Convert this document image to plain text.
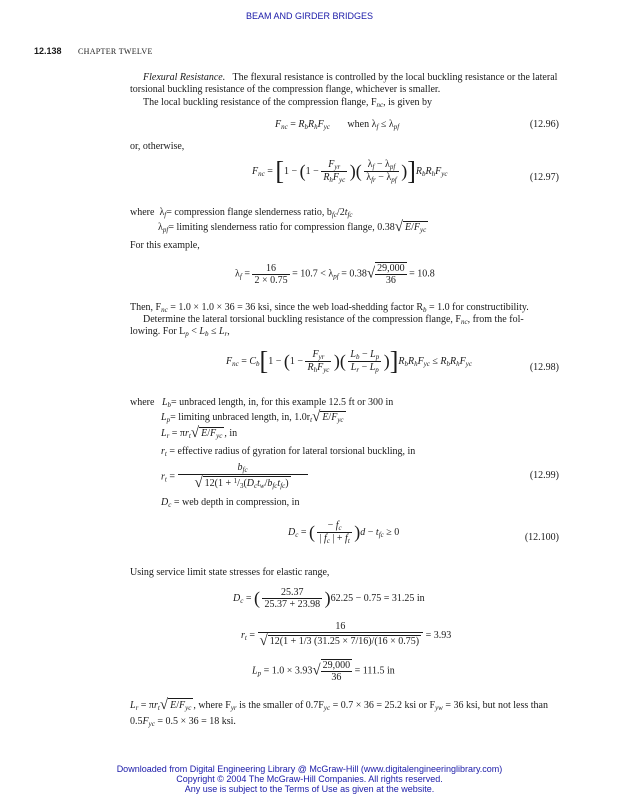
BEAM AND GIRDER BRIDGES
12.138 CHAPTER TWELVE
Flexural Resistance. The flexural resistance is controlled by the local buckling resistance or the lateral torsional buckling resistance of the compression flange, whichever is smaller.
The local buckling resistance of the compression flange, $F_{nc}$, is given by
$F_{nc} = R_bR_hF_{yc}$ when $\lambda_f \le \lambda_{pf}$	(12.96)
or, otherwise,
$F_{nc} = [1 - (1 - \frac{F_{yr}}{R_hF_{yc}}$ )( $\frac{\lambda_f - \lambda_{pf}}{\lambda_{fr} - \lambda_{pf}} )]R_bR_hF_{yc}$	(12.97)
where  $\lambda_f=$ compression flange slenderness ratio, $b_{fc}/2t_{fc}$
$\lambda_{pf}=$ limiting slenderness ratio for compression flange, 0.38√ $E/F_{yc}$
For this example,
$\lambda_f = \frac{16}{2 \times 0.75} = 10.7 < \lambda_{pf} = 0.38√ \frac{29,000}{36} = 10.8$
Then, $F_{nc} = 1.0 \times 1.0 \times 36 = 36$ ksi, since the web load-shedding factor $R_b = 1.0$ for constructibility.
Determine the lateral torsional buckling resistance of the compression flange, $F_{nc}$, from the fol-
lowing. For $L_p < L_b \le L_r$,
$F_{nc} = C_b[1 - (1 - \frac{F_{yr}}{R_hF_{yc}}$ )( $\frac{L_b - L_p}{L_r - L_p} )]R_bR_hF_{yc} \le R_bR_hF_{yc}$	(12.98)
where $L_b=$ unbraced length, in, for this example 12.5 ft or 300 in
$L_p=$ limiting unbraced length, in, $1.0r_t√$ $E/F_{yc}$
$L_r = \pi r_t√$ $E/F_{yc}$ , in
$r_t$ = effective radius of gyration for lateral torsional buckling, in
$r_t = \frac{b_{fc}}{√ 12(1 + ^1/_3(D_ct_w/b_{fc}t_{fc})}$	(12.99)
$D_c$ = web depth in compression, in
$D_c$ = ( $\frac{- f_c}{| f_c | + f_t} )d - t_{fc} \ge 0$	(12.100)
Using service limit state stresses for elastic range,
$D_c$ = ( $\frac{25.37}{25.37 + 23.98} )62.25 - 0.75 = 31.25$ in
$r_t = \frac{16}{√ 12(1 + 1/3 (31.25 \times 7/16)/(16 \times 0.75)} = 3.93$
$L_p = 1.0 \times 3.93√ \frac{29,000}{36} = 111.5$ in
$L_r = \pi r_t√$ $E/F_{yc}$ , where $F_{yr}$ is the smaller of $0.7F_{yc} = 0.7 \times 36 = 25.2$ ksi or $F_{yw} = 36$ ksi, but not less than
$0.5F_{yc} = 0.5 \times 36 = 18$ ksi.
Downloaded from Digital Engineering Library @ McGraw-Hill (www.digitalengineeringlibrary.com)
Copyright © 2004 The McGraw-Hill Companies. All rights reserved.
Any use is subject to the Terms of Use as given at the website.
